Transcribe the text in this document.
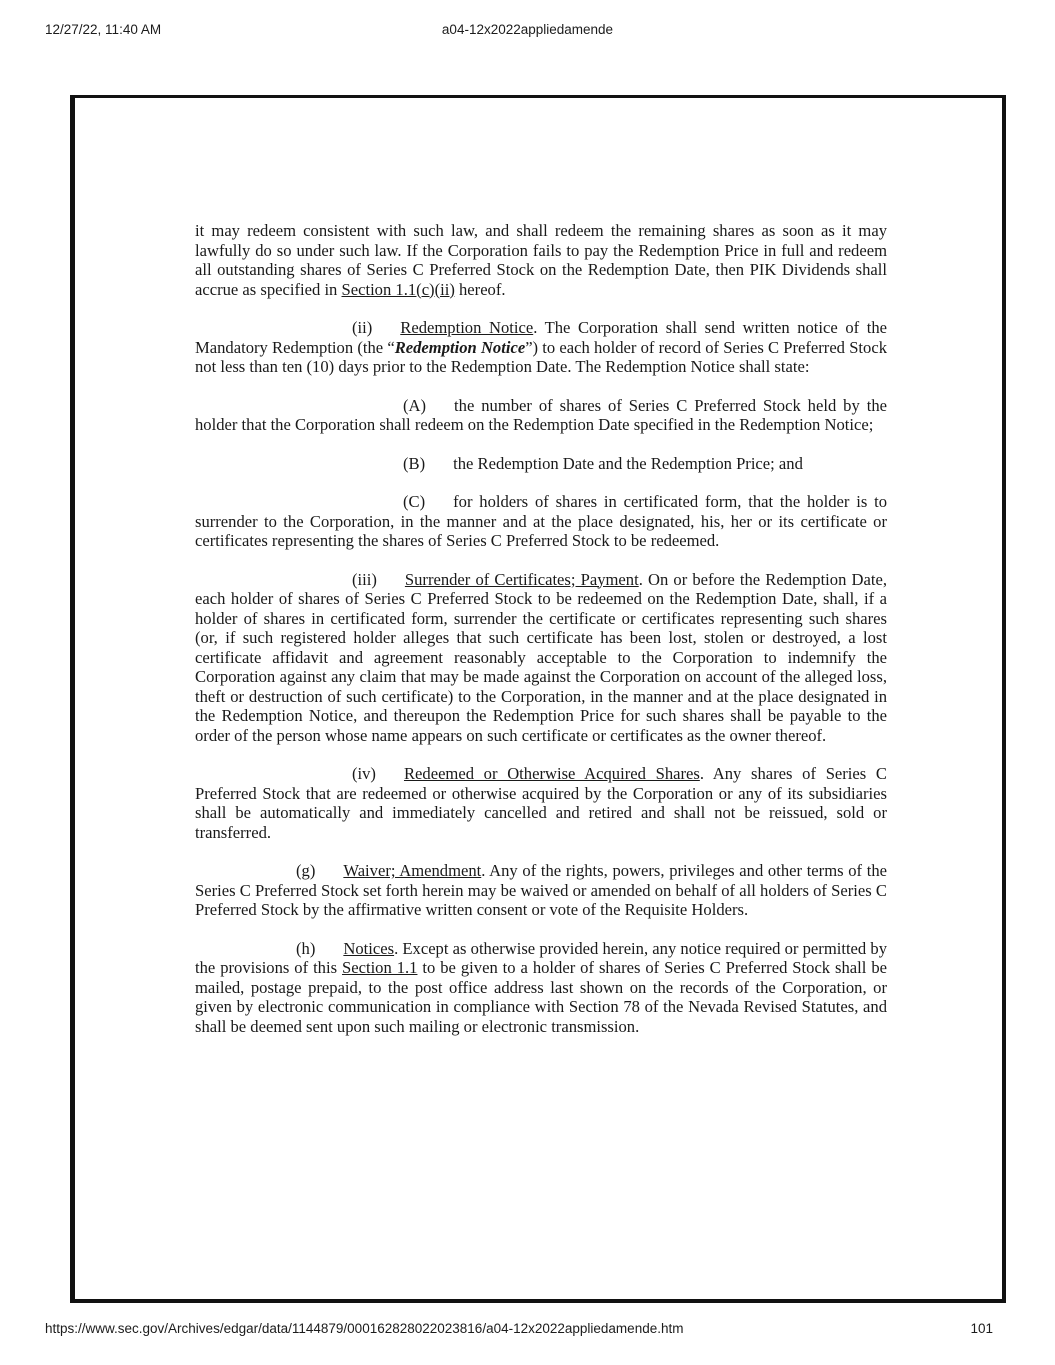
12/27/22, 11:40 AM	a04-12x2022appliedamende

it may redeem consistent with such law, and shall redeem the remaining shares as soon as it may lawfully do so under such law. If the Corporation fails to pay the Redemption Price in full and redeem all outstanding shares of Series C Preferred Stock on the Redemption Date, then PIK Dividends shall accrue as specified in Section 1.1(c)(ii) hereof.

(ii) Redemption Notice. The Corporation shall send written notice of the Mandatory Redemption (the “Redemption Notice”) to each holder of record of Series C Preferred Stock not less than ten (10) days prior to the Redemption Date. The Redemption Notice shall state:

(A) the number of shares of Series C Preferred Stock held by the holder that the Corporation shall redeem on the Redemption Date specified in the Redemption Notice;

(B) the Redemption Date and the Redemption Price; and

(C) for holders of shares in certificated form, that the holder is to surrender to the Corporation, in the manner and at the place designated, his, her or its certificate or certificates representing the shares of Series C Preferred Stock to be redeemed.

(iii) Surrender of Certificates; Payment. On or before the Redemption Date, each holder of shares of Series C Preferred Stock to be redeemed on the Redemption Date, shall, if a holder of shares in certificated form, surrender the certificate or certificates representing such shares (or, if such registered holder alleges that such certificate has been lost, stolen or destroyed, a lost certificate affidavit and agreement reasonably acceptable to the Corporation to indemnify the Corporation against any claim that may be made against the Corporation on account of the alleged loss, theft or destruction of such certificate) to the Corporation, in the manner and at the place designated in the Redemption Notice, and thereupon the Redemption Price for such shares shall be payable to the order of the person whose name appears on such certificate or certificates as the owner thereof.

(iv) Redeemed or Otherwise Acquired Shares. Any shares of Series C Preferred Stock that are redeemed or otherwise acquired by the Corporation or any of its subsidiaries shall be automatically and immediately cancelled and retired and shall not be reissued, sold or transferred.

(g) Waiver; Amendment. Any of the rights, powers, privileges and other terms of the Series C Preferred Stock set forth herein may be waived or amended on behalf of all holders of Series C Preferred Stock by the affirmative written consent or vote of the Requisite Holders.

(h) Notices. Except as otherwise provided herein, any notice required or permitted by the provisions of this Section 1.1 to be given to a holder of shares of Series C Preferred Stock shall be mailed, postage prepaid, to the post office address last shown on the records of the Corporation, or given by electronic communication in compliance with Section 78 of the Nevada Revised Statutes, and shall be deemed sent upon such mailing or electronic transmission.

https://www.sec.gov/Archives/edgar/data/1144879/000162828022023816/a04-12x2022appliedamende.htm	101
